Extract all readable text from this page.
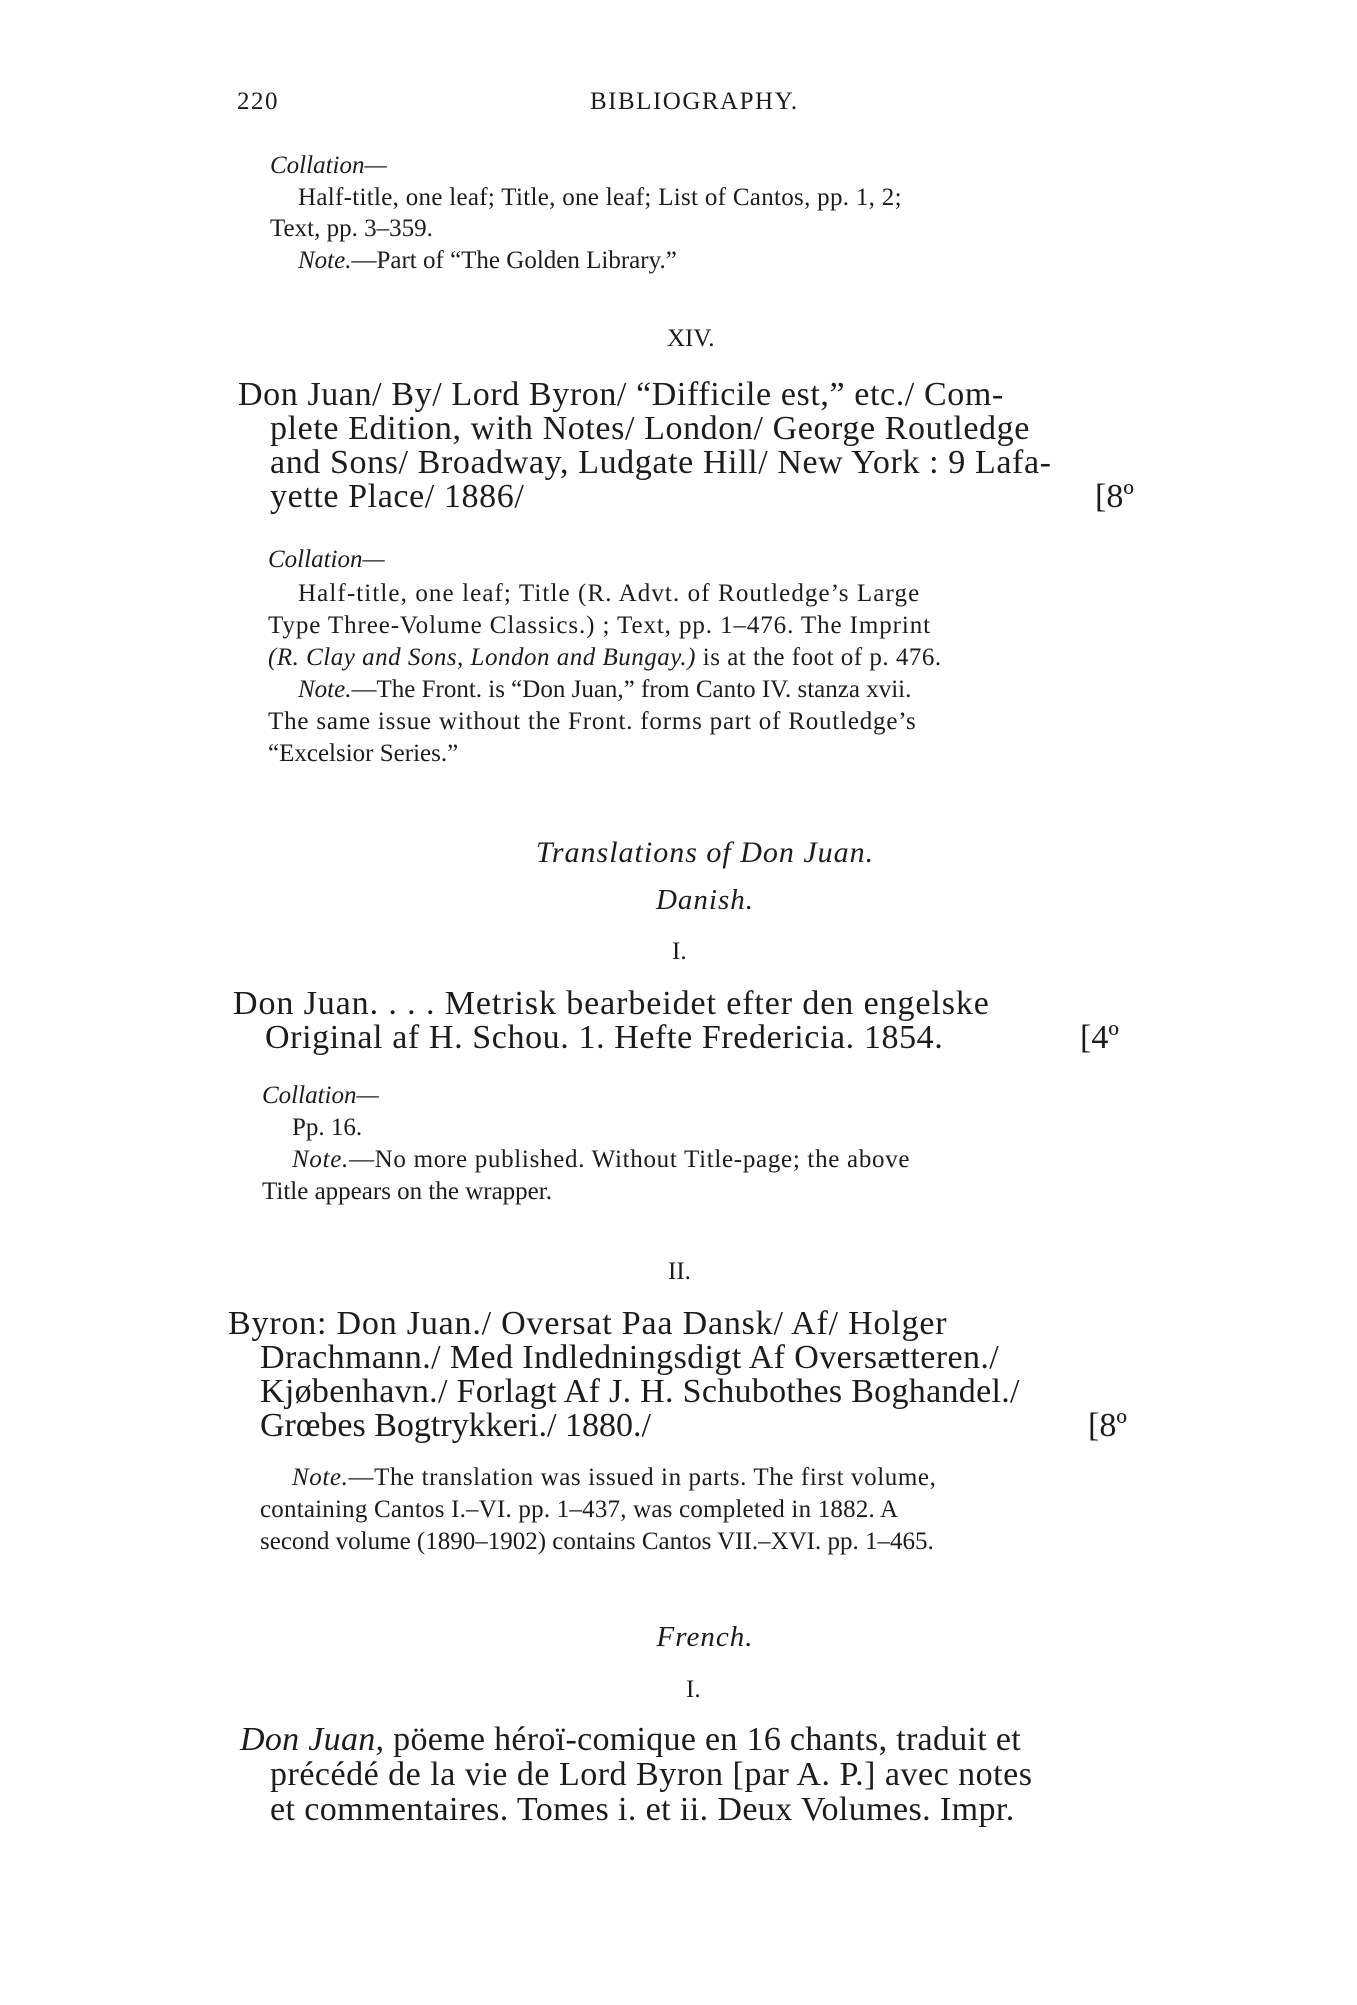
220	BIBLIOGRAPHY.
Collation—
Half-title, one leaf; Title, one leaf; List of Cantos, pp. 1, 2;
Text, pp. 3–359.
Note.—Part of “The Golden Library.”
XIV.
Don Juan/ By/ Lord Byron/ “Difficile est,” etc./ Com-
plete Edition, with Notes/ London/ George Routledge
and Sons/ Broadway, Ludgate Hill/ New York : 9 Lafa-
yette Place/ 1886/	[8º
Collation—
Half-title, one leaf; Title (R. Advt. of Routledge’s Large
Type Three-Volume Classics.) ; Text, pp. 1–476. The Imprint
(R. Clay and Sons, London and Bungay.) is at the foot of p. 476.
Note.—The Front. is “Don Juan,” from Canto IV. stanza xvii.
The same issue without the Front. forms part of Routledge’s
“Excelsior Series.”
Translations of Don Juan.
Danish.
I.
Don Juan. . . . Metrisk bearbeidet efter den engelske
Original af H. Schou. 1. Hefte Fredericia. 1854.	[4º
Collation—
Pp. 16.
Note.—No more published. Without Title-page; the above
Title appears on the wrapper.
II.
Byron: Don Juan./ Oversat Paa Dansk/ Af/ Holger
Drachmann./ Med Indledningsdigt Af Oversætteren./
Kjøbenhavn./ Forlagt Af J. H. Schubothes Boghandel./
Grœbes Bogtrykkeri./ 1880./	[8º
Note.—The translation was issued in parts. The first volume,
containing Cantos I.–VI. pp. 1–437, was completed in 1882. A
second volume (1890–1902) contains Cantos VII.–XVI. pp. 1–465.
French.
I.
Don Juan, pöeme héroï-comique en 16 chants, traduit et
précédé de la vie de Lord Byron [par A. P.] avec notes
et commentaires. Tomes i. et ii. Deux Volumes. Impr.
